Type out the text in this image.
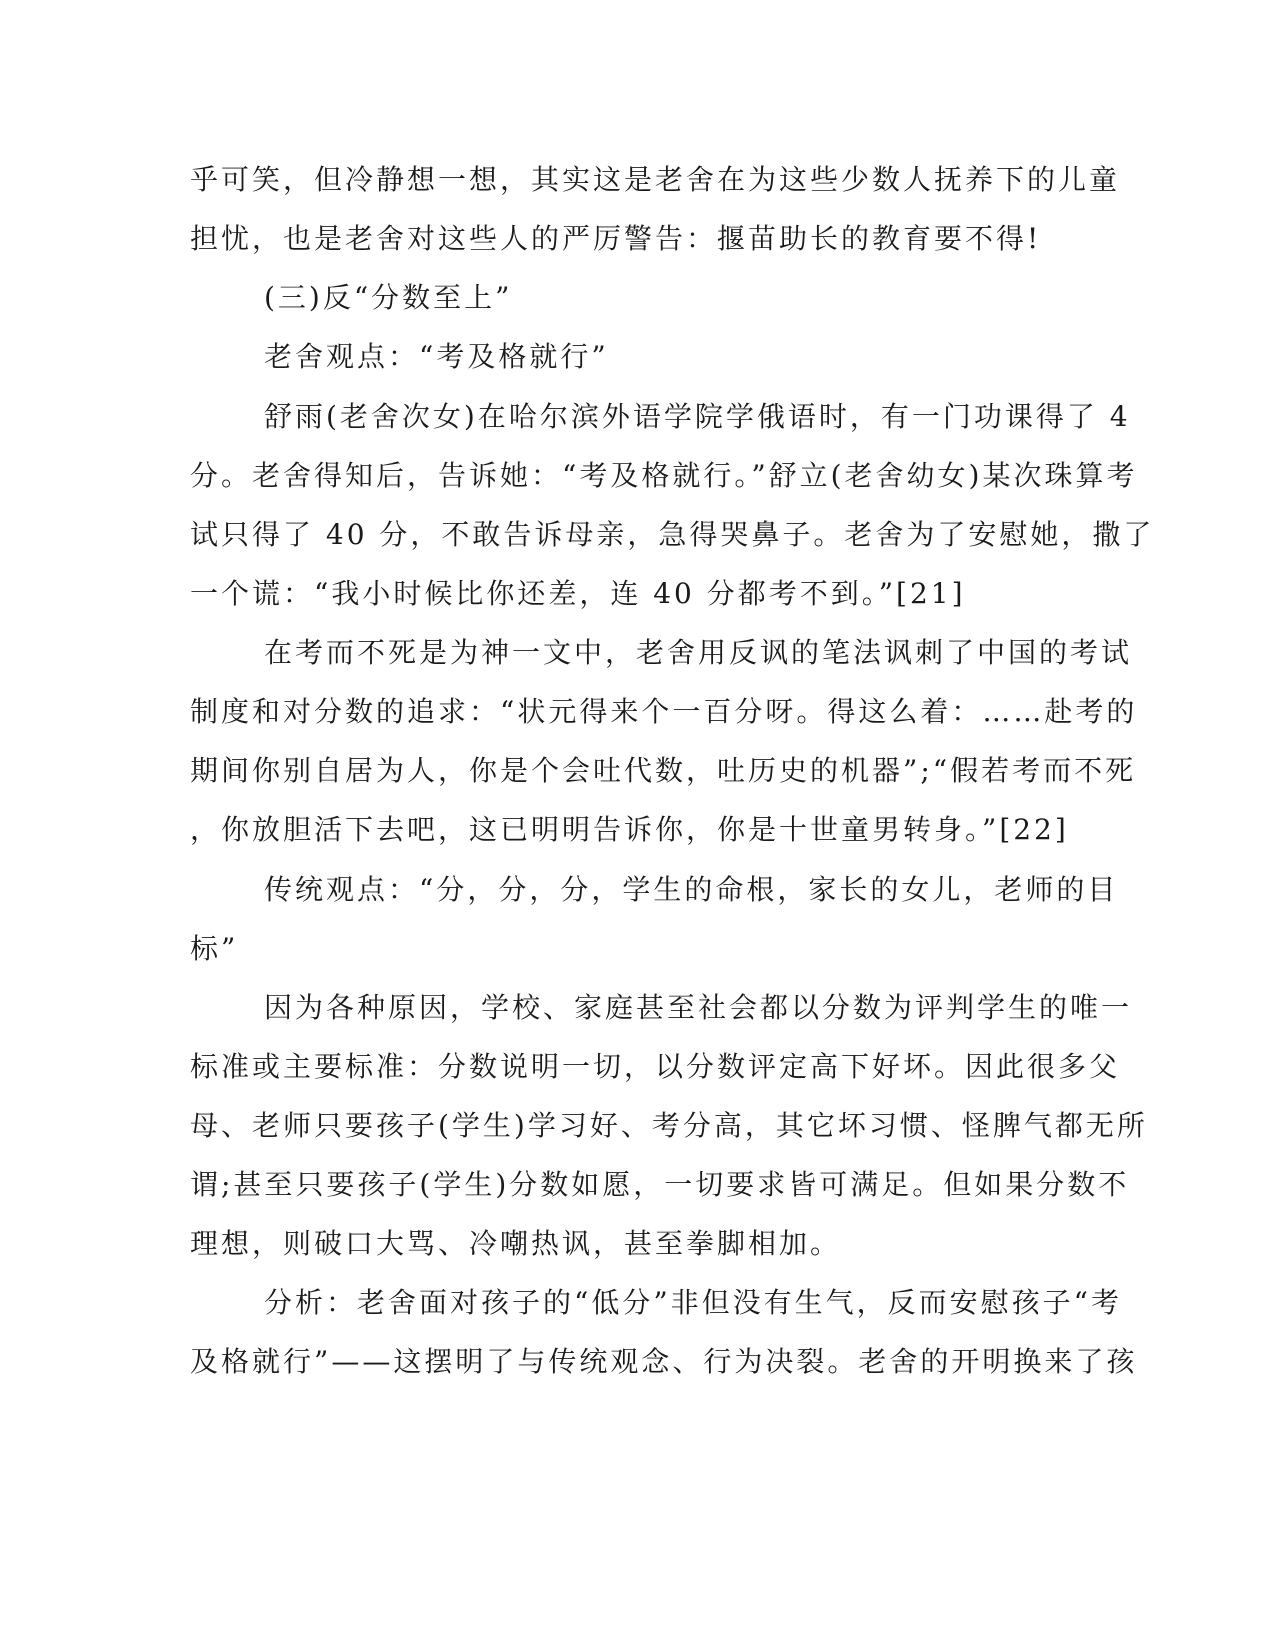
乎可笑，但冷静想一想，其实这是老舍在为这些少数人抚养下的儿童
担忧，也是老舍对这些人的严厉警告：揠苗助长的教育要不得!
(三)反“分数至上”
老舍观点：“考及格就行”
舒雨(老舍次女)在哈尔滨外语学院学俄语时，有一门功课得了 4
分。老舍得知后，告诉她：“考及格就行。”舒立(老舍幼女)某次珠算考
试只得了 40 分，不敢告诉母亲，急得哭鼻子。老舍为了安慰她，撒了
一个谎：“我小时候比你还差，连 40 分都考不到。”[21]
在考而不死是为神一文中，老舍用反讽的笔法讽刺了中国的考试
制度和对分数的追求：“状元得来个一百分呀。得这么着：……赴考的
期间你别自居为人，你是个会吐代数，吐历史的机器”;“假若考而不死
，你放胆活下去吧，这已明明告诉你，你是十世童男转身。”[22]
传统观点：“分，分，分，学生的命根，家长的女儿，老师的目
标”
因为各种原因，学校、家庭甚至社会都以分数为评判学生的唯一
标准或主要标准：分数说明一切，以分数评定高下好坏。因此很多父
母、老师只要孩子(学生)学习好、考分高，其它坏习惯、怪脾气都无所
谓;甚至只要孩子(学生)分数如愿，一切要求皆可满足。但如果分数不
理想，则破口大骂、冷嘲热讽，甚至拳脚相加。
分析：老舍面对孩子的“低分”非但没有生气，反而安慰孩子“考
及格就行”——这摆明了与传统观念、行为决裂。老舍的开明换来了孩
